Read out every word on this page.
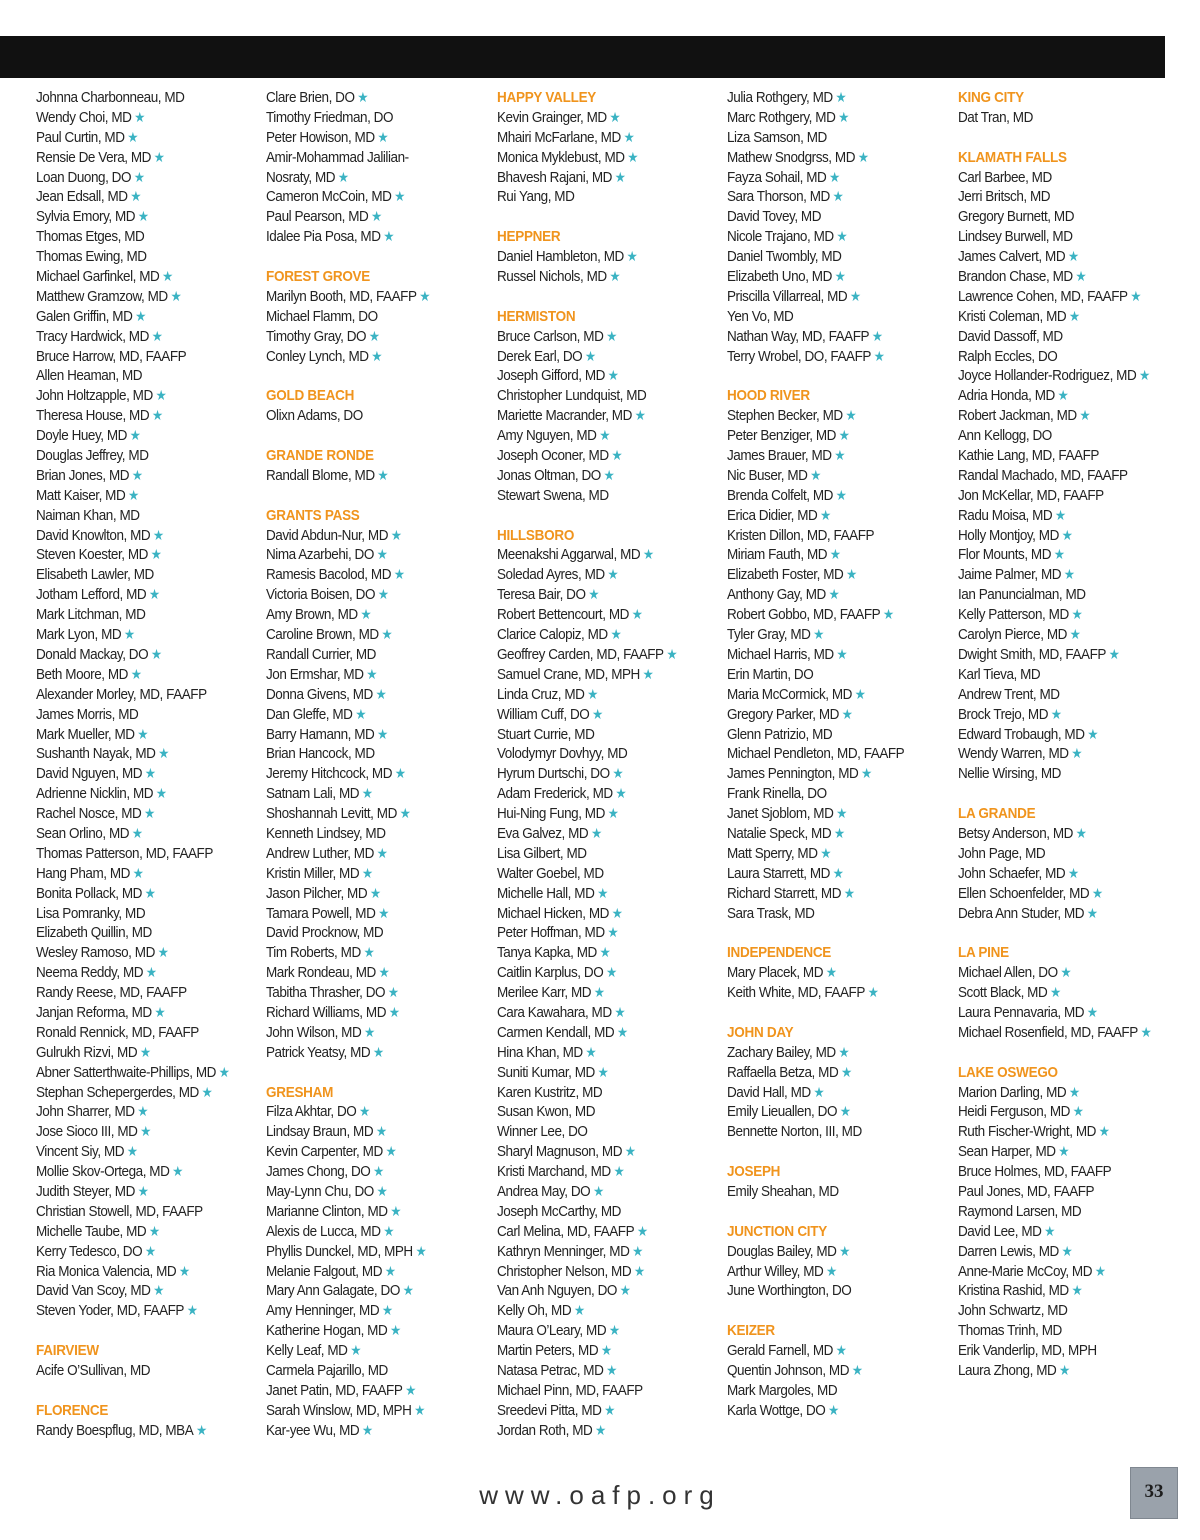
Johnna Charbonneau, MD
Wendy Choi, MD ★
Paul Curtin, MD ★
Rensie De Vera, MD ★
Loan Duong, DO ★
Jean Edsall, MD ★
Sylvia Emory, MD ★
Thomas Etges, MD
Thomas Ewing, MD
Michael Garfinkel, MD ★
Matthew Gramzow, MD ★
Galen Griffin, MD ★
Tracy Hardwick, MD ★
Bruce Harrow, MD, FAAFP
Allen Heaman, MD
John Holtzapple, MD ★
Theresa House, MD ★
Doyle Huey, MD ★
Douglas Jeffrey, MD
Brian Jones, MD ★
Matt Kaiser, MD ★
Naiman Khan, MD
David Knowlton, MD ★
Steven Koester, MD ★
Elisabeth Lawler, MD
Jotham Lefford, MD ★
Mark Litchman, MD
Mark Lyon, MD ★
Donald Mackay, DO ★
Beth Moore, MD ★
Alexander Morley, MD, FAAFP
James Morris, MD
Mark Mueller, MD ★
Sushanth Nayak, MD ★
David Nguyen, MD ★
Adrienne Nicklin, MD ★
Rachel Nosce, MD ★
Sean Orlino, MD ★
Thomas Patterson, MD, FAAFP
Hang Pham, MD ★
Bonita Pollack, MD ★
Lisa Pomranky, MD
Elizabeth Quillin, MD
Wesley Ramoso, MD ★
Neema Reddy, MD ★
Randy Reese, MD, FAAFP
Janjan Reforma, MD ★
Ronald Rennick, MD, FAAFP
Gulrukh Rizvi, MD ★
Abner Satterthwaite-Phillips, MD ★
Stephan Schepergerdes, MD ★
John Sharrer, MD ★
Jose Sioco III, MD ★
Vincent Siy, MD ★
Mollie Skov-Ortega, MD ★
Judith Steyer, MD ★
Christian Stowell, MD, FAAFP
Michelle Taube, MD ★
Kerry Tedesco, DO ★
Ria Monica Valencia, MD ★
David Van Scoy, MD ★
Steven Yoder, MD, FAAFP ★
FAIRVIEW
Acife O’Sullivan, MD
FLORENCE
Randy Boespflug, MD, MBA ★
Clare Brien, DO ★
Timothy Friedman, DO
Peter Howison, MD ★
Amir-Mohammad Jalilian-
Nosraty, MD ★
Cameron McCoin, MD ★
Paul Pearson, MD ★
Idalee Pia Posa, MD ★
FOREST GROVE
Marilyn Booth, MD, FAAFP ★
Michael Flamm, DO
Timothy Gray, DO ★
Conley Lynch, MD ★
GOLD BEACH
Olixn Adams, DO
GRANDE RONDE
Randall Blome, MD ★
GRANTS PASS
David Abdun-Nur, MD ★
Nima Azarbehi, DO ★
Ramesis Bacolod, MD ★
Victoria Boisen, DO ★
Amy Brown, MD ★
Caroline Brown, MD ★
Randall Currier, MD
Jon Ermshar, MD ★
Donna Givens, MD ★
Dan Gleffe, MD ★
Barry Hamann, MD ★
Brian Hancock, MD
Jeremy Hitchcock, MD ★
Satnam Lali, MD ★
Shoshannah Levitt, MD ★
Kenneth Lindsey, MD
Andrew Luther, MD ★
Kristin Miller, MD ★
Jason Pilcher, MD ★
Tamara Powell, MD ★
David Procknow, MD
Tim Roberts, MD ★
Mark Rondeau, MD ★
Tabitha Thrasher, DO ★
Richard Williams, MD ★
John Wilson, MD ★
Patrick Yeatsy, MD ★
GRESHAM
Filza Akhtar, DO ★
Lindsay Braun, MD ★
Kevin Carpenter, MD ★
James Chong, DO ★
May-Lynn Chu, DO ★
Marianne Clinton, MD ★
Alexis de Lucca, MD ★
Phyllis Dunckel, MD, MPH ★
Melanie Falgout, MD ★
Mary Ann Galagate, DO ★
Amy Henninger, MD ★
Katherine Hogan, MD ★
Kelly Leaf, MD ★
Carmela Pajarillo, MD
Janet Patin, MD, FAAFP ★
Sarah Winslow, MD, MPH ★
Kar-yee Wu, MD ★
HAPPY VALLEY
Kevin Grainger, MD ★
Mhairi McFarlane, MD ★
Monica Myklebust, MD ★
Bhavesh Rajani, MD ★
Rui Yang, MD
HEPPNER
Daniel Hambleton, MD ★
Russel Nichols, MD ★
HERMISTON
Bruce Carlson, MD ★
Derek Earl, DO ★
Joseph Gifford, MD ★
Christopher Lundquist, MD
Mariette Macrander, MD ★
Amy Nguyen, MD ★
Joseph Oconer, MD ★
Jonas Oltman, DO ★
Stewart Swena, MD
HILLSBORO
Meenakshi Aggarwal, MD ★
Soledad Ayres, MD ★
Teresa Bair, DO ★
Robert Bettencourt, MD ★
Clarice Calopiz, MD ★
Geoffrey Carden, MD, FAAFP ★
Samuel Crane, MD, MPH ★
Linda Cruz, MD ★
William Cuff, DO ★
Stuart Currie, MD
Volodymyr Dovhyy, MD
Hyrum Durtschi, DO ★
Adam Frederick, MD ★
Hui-Ning Fung, MD ★
Eva Galvez, MD ★
Lisa Gilbert, MD
Walter Goebel, MD
Michelle Hall, MD ★
Michael Hicken, MD ★
Peter Hoffman, MD ★
Tanya Kapka, MD ★
Caitlin Karplus, DO ★
Merilee Karr, MD ★
Cara Kawahara, MD ★
Carmen Kendall, MD ★
Hina Khan, MD ★
Suniti Kumar, MD ★
Karen Kustritz, MD
Susan Kwon, MD
Winner Lee, DO
Sharyl Magnuson, MD ★
Kristi Marchand, MD ★
Andrea May, DO ★
Joseph McCarthy, MD
Carl Melina, MD, FAAFP ★
Kathryn Menninger, MD ★
Christopher Nelson, MD ★
Van Anh Nguyen, DO ★
Kelly Oh, MD ★
Maura O’Leary, MD ★
Martin Peters, MD ★
Natasa Petrac, MD ★
Michael Pinn, MD, FAAFP
Sreedevi Pitta, MD ★
Jordan Roth, MD ★
Julia Rothgery, MD ★
Marc Rothgery, MD ★
Liza Samson, MD
Mathew Snodgrss, MD ★
Fayza Sohail, MD ★
Sara Thorson, MD ★
David Tovey, MD
Nicole Trajano, MD ★
Daniel Twombly, MD
Elizabeth Uno, MD ★
Priscilla Villarreal, MD ★
Yen Vo, MD
Nathan Way, MD, FAAFP ★
Terry Wrobel, DO, FAAFP ★
HOOD RIVER
Stephen Becker, MD ★
Peter Benziger, MD ★
James Brauer, MD ★
Nic Buser, MD ★
Brenda Colfelt, MD ★
Erica Didier, MD ★
Kristen Dillon, MD, FAAFP
Miriam Fauth, MD ★
Elizabeth Foster, MD ★
Anthony Gay, MD ★
Robert Gobbo, MD, FAAFP ★
Tyler Gray, MD ★
Michael Harris, MD ★
Erin Martin, DO
Maria McCormick, MD ★
Gregory Parker, MD ★
Glenn Patrizio, MD
Michael Pendleton, MD, FAAFP
James Pennington, MD ★
Frank Rinella, DO
Janet Sjoblom, MD ★
Natalie Speck, MD ★
Matt Sperry, MD ★
Laura Starrett, MD ★
Richard Starrett, MD ★
Sara Trask, MD
INDEPENDENCE
Mary Placek, MD ★
Keith White, MD, FAAFP ★
JOHN DAY
Zachary Bailey, MD ★
Raffaella Betza, MD ★
David Hall, MD ★
Emily Lieuallen, DO ★
Bennette Norton, III, MD
JOSEPH
Emily Sheahan, MD
JUNCTION CITY
Douglas Bailey, MD ★
Arthur Willey, MD ★
June Worthington, DO
KEIZER
Gerald Farnell, MD ★
Quentin Johnson, MD ★
Mark Margoles, MD
Karla Wottge, DO ★
KING CITY
Dat Tran, MD
KLAMATH FALLS
Carl Barbee, MD
Jerri Britsch, MD
Gregory Burnett, MD
Lindsey Burwell, MD
James Calvert, MD ★
Brandon Chase, MD ★
Lawrence Cohen, MD, FAAFP ★
Kristi Coleman, MD ★
David Dassoff, MD
Ralph Eccles, DO
Joyce Hollander-Rodriguez, MD ★
Adria Honda, MD ★
Robert Jackman, MD ★
Ann Kellogg, DO
Kathie Lang, MD, FAAFP
Randal Machado, MD, FAAFP
Jon McKellar, MD, FAAFP
Radu Moisa, MD ★
Holly Montjoy, MD ★
Flor Mounts, MD ★
Jaime Palmer, MD ★
Ian Panuncialman, MD
Kelly Patterson, MD ★
Carolyn Pierce, MD ★
Dwight Smith, MD, FAAFP ★
Karl Tieva, MD
Andrew Trent, MD
Brock Trejo, MD ★
Edward Trobaugh, MD ★
Wendy Warren, MD ★
Nellie Wirsing, MD
LA GRANDE
Betsy Anderson, MD ★
John Page, MD
John Schaefer, MD ★
Ellen Schoenfelder, MD ★
Debra Ann Studer, MD ★
LA PINE
Michael Allen, DO ★
Scott Black, MD ★
Laura Pennavaria, MD ★
Michael Rosenfield, MD, FAAFP ★
LAKE OSWEGO
Marion Darling, MD ★
Heidi Ferguson, MD ★
Ruth Fischer-Wright, MD ★
Sean Harper, MD ★
Bruce Holmes, MD, FAAFP
Paul Jones, MD, FAAFP
Raymond Larsen, MD
David Lee, MD ★
Darren Lewis, MD ★
Anne-Marie McCoy, MD ★
Kristina Rashid, MD ★
John Schwartz, MD
Thomas Trinh, MD
Erik Vanderlip, MD, MPH
Laura Zhong, MD ★
www.oafp.org	33
